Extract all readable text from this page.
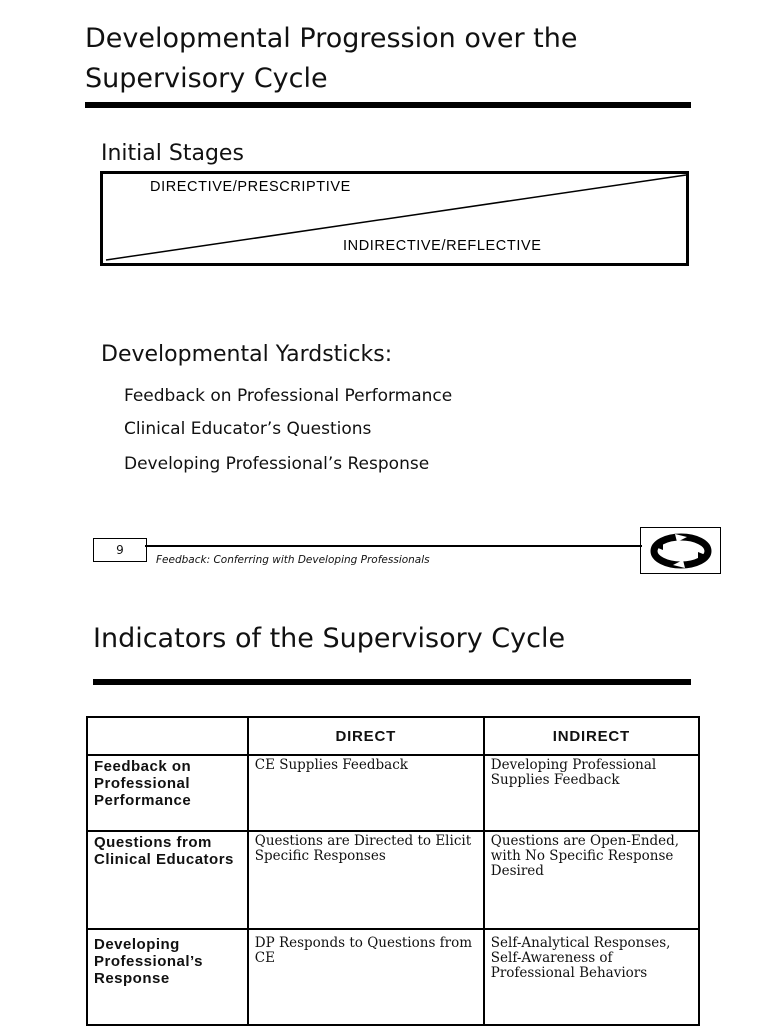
Developmental Progression over the
Supervisory Cycle
Initial Stages
DIRECTIVE/PRESCRIPTIVE
INDIRECTIVE/REFLECTIVE
Developmental Yardsticks:
Feedback on Professional Performance
Clinical Educator’s Questions
Developing Professional’s Response
9
Feedback: Conferring with Developing Professionals
Indicators of the Supervisory Cycle
	DIRECT	INDIRECT
Feedback on Professional Performance	CE Supplies Feedback	Developing Professional Supplies Feedback
Questions from Clinical Educators	Questions are Directed to Elicit Specific Responses	Questions are Open-Ended, with No Specific Response Desired
Developing Professional’s Response	DP Responds to Questions from CE	Self-Analytical Responses, Self-Awareness of Professional Behaviors
